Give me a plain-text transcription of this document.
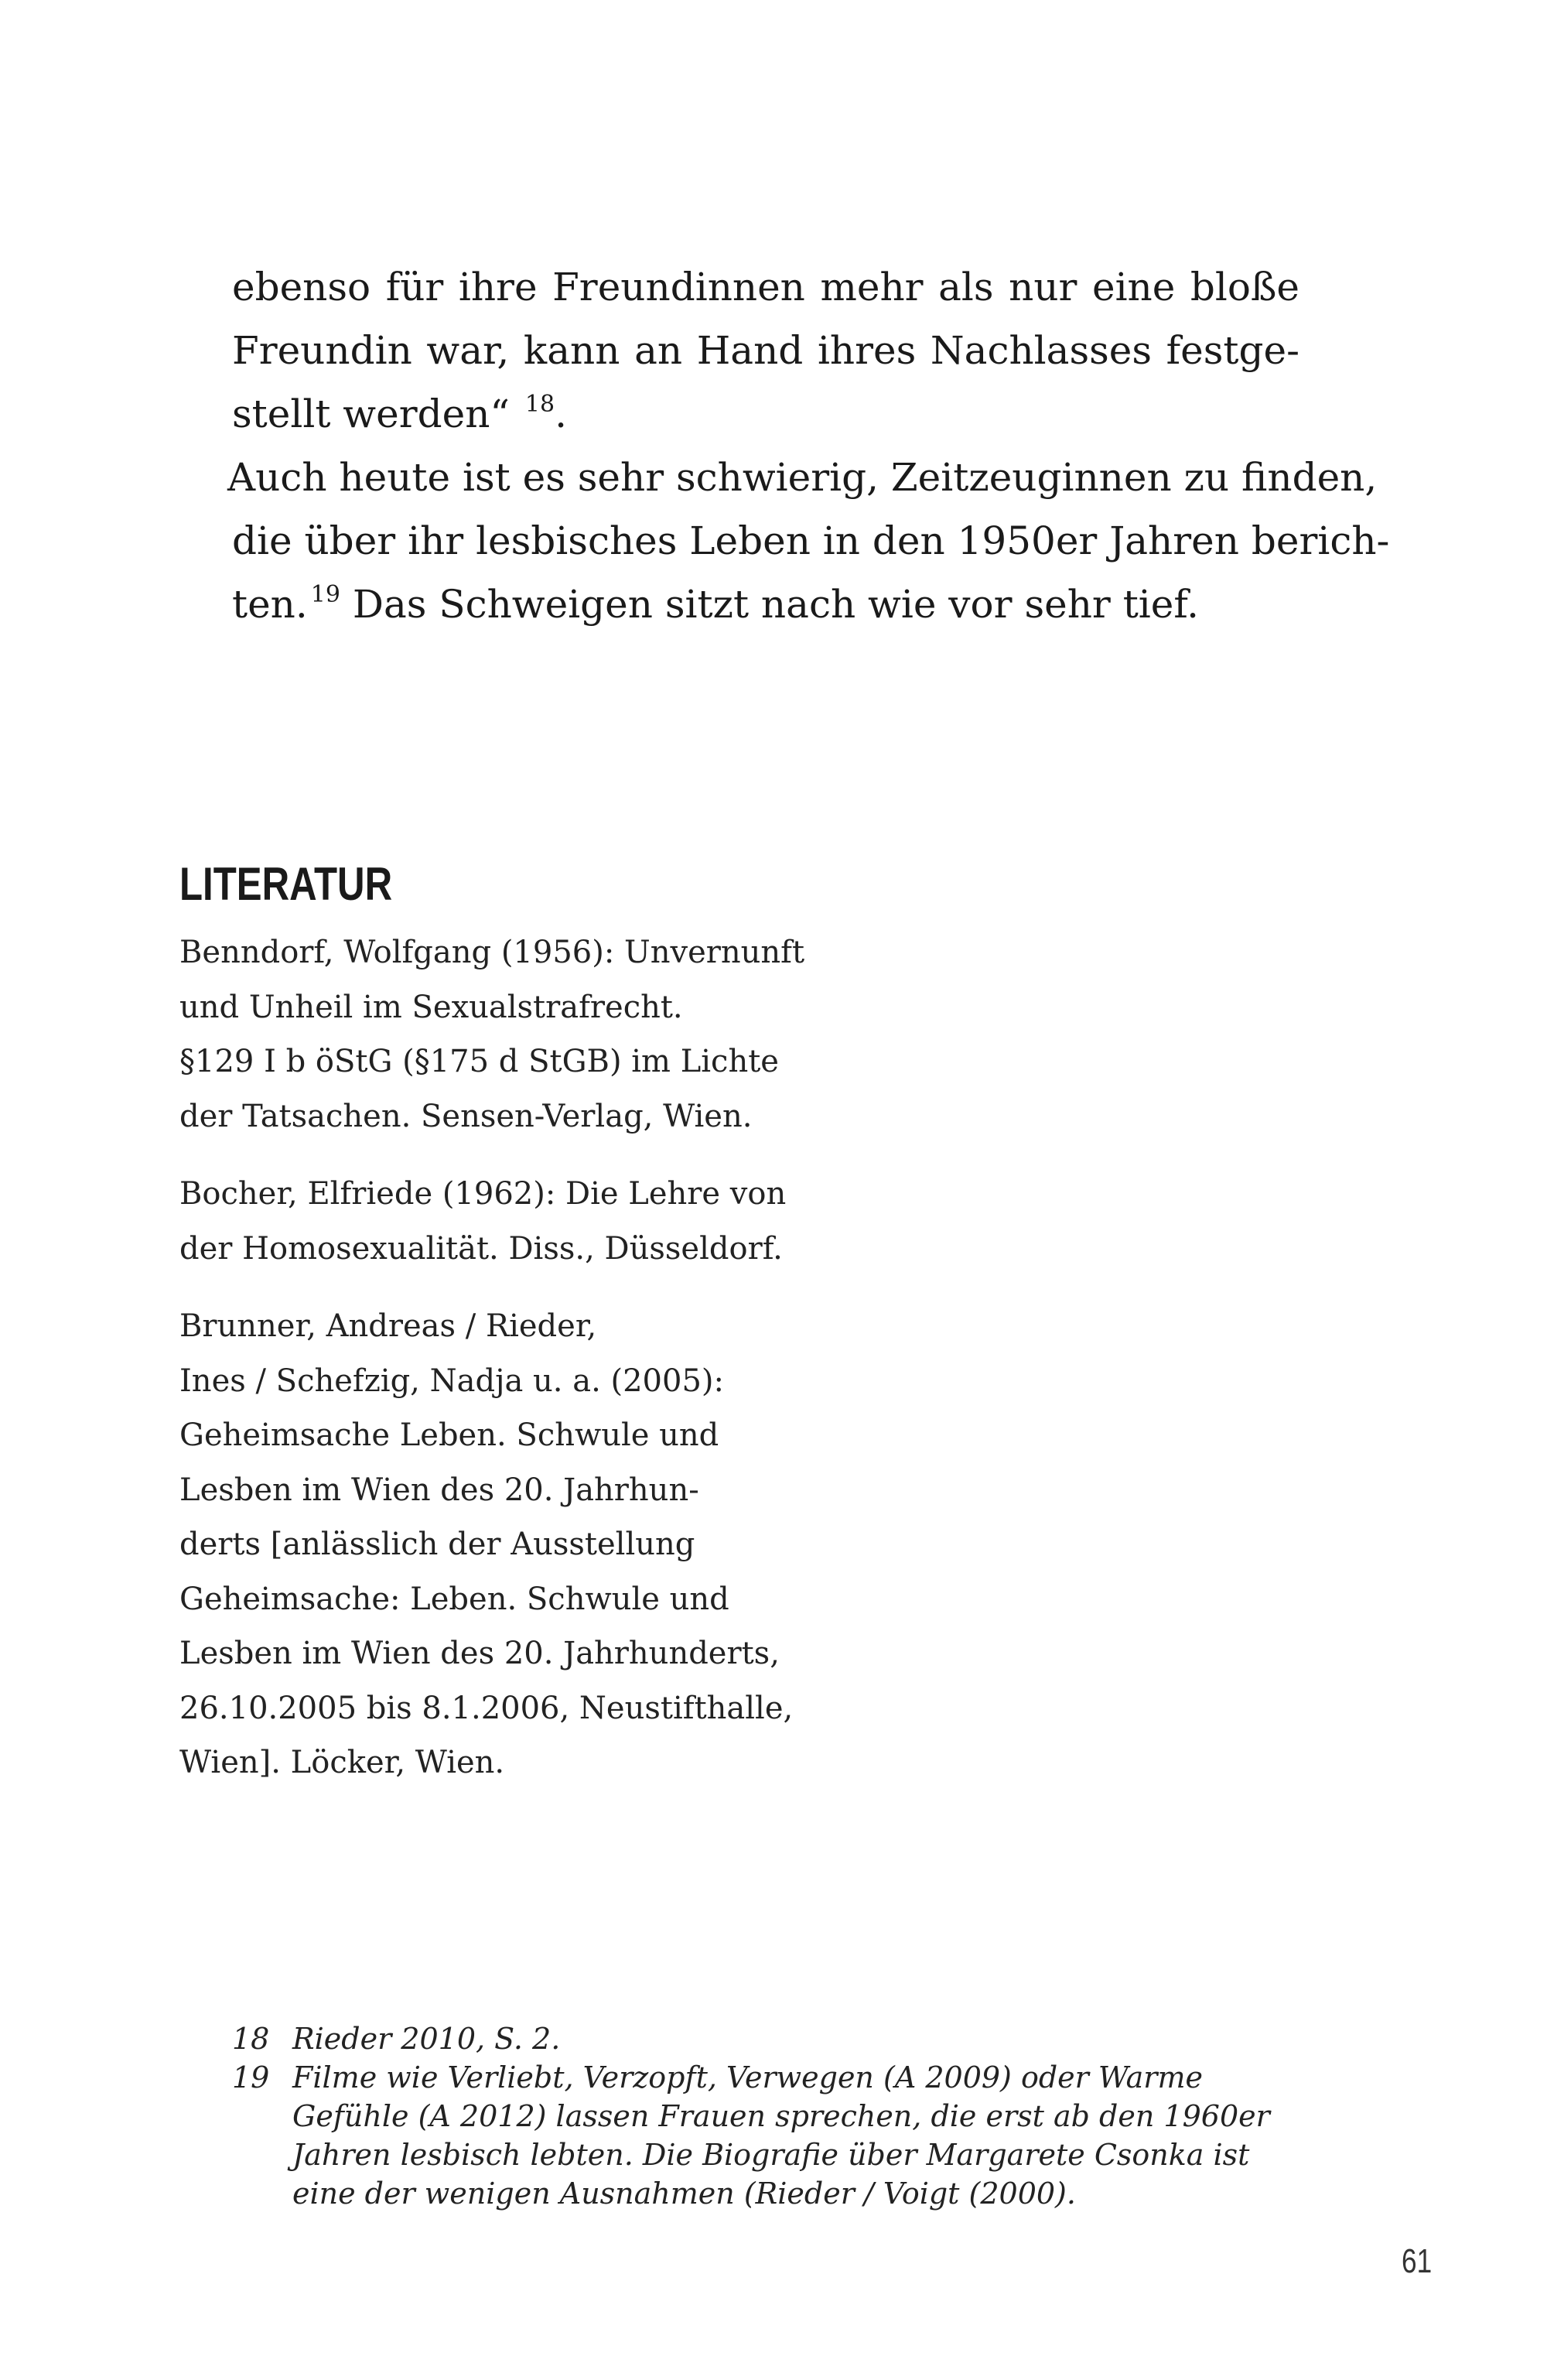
ebenso für ihre Freundinnen mehr als nur eine bloße
Freundin war, kann an Hand ihres Nachlasses festge-
stellt werden“ $^{18}$.
Auch heute ist es sehr schwierig, Zeitzeuginnen zu finden,
die über ihr lesbisches Leben in den 1950er Jahren berich-
ten. $^{19}$ Das Schweigen sitzt nach wie vor sehr tief.
LITERATUR
Benndorf, Wolfgang (1956): Unvernunft
und Unheil im Sexualstrafrecht.
§129 I b öStG (§175 d StGB) im Lichte
der Tatsachen. Sensen-Verlag, Wien.
Bocher, Elfriede (1962): Die Lehre von
der Homosexualität. Diss., Düsseldorf.
Brunner, Andreas / Rieder,
Ines / Schefzig, Nadja u. a. (2005):
Geheimsache Leben. Schwule und
Lesben im Wien des 20. Jahrhun-
derts [anlässlich der Ausstellung
Geheimsache: Leben. Schwule und
Lesben im Wien des 20. Jahrhunderts,
26.10.2005 bis 8.1.2006, Neustifthalle,
Wien]. Löcker, Wien.
18 Rieder 2010, S. 2.
19 Filme wie Verliebt, Verzopft, Verwegen (A 2009) oder Warme
Gefühle (A 2012) lassen Frauen sprechen, die erst ab den 1960er
Jahren lesbisch lebten. Die Biografie über Margarete Csonka ist
eine der wenigen Ausnahmen (Rieder / Voigt (2000).
61
